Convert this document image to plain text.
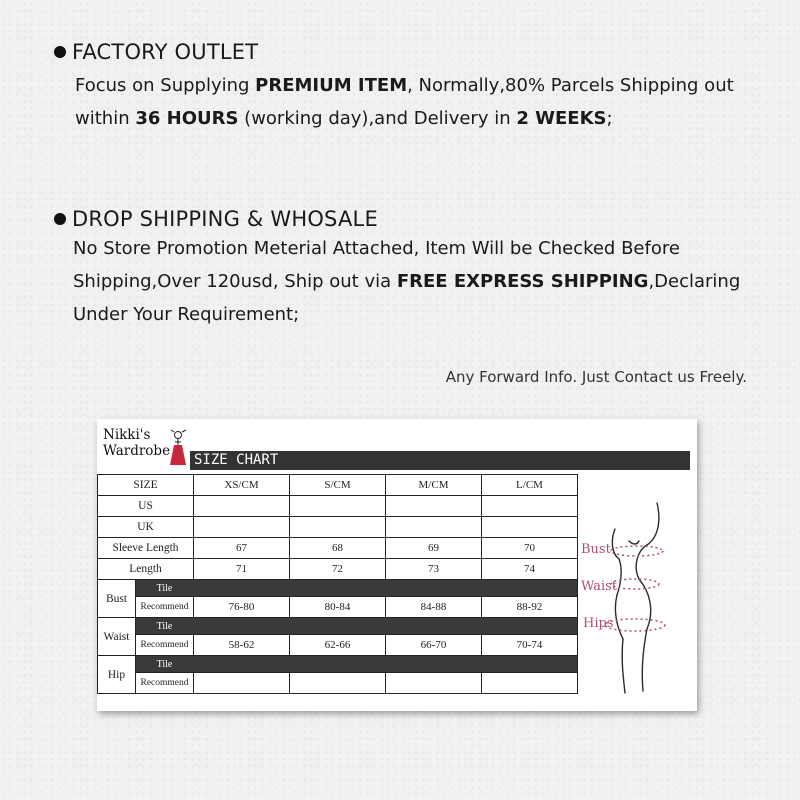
FACTORY OUTLET
Focus on Supplying PREMIUM ITEM, Normally,80% Parcels Shipping out within 36 HOURS (working day),and Delivery in 2 WEEKS;
DROP SHIPPING & WHOSALE
No Store Promotion Meterial Attached, Item Will be Checked Before Shipping,Over 120usd, Ship out via FREE EXPRESS SHIPPING,Declaring Under Your Requirement;
Any Forward Info. Just Contact us Freely.
Nikki's
Wardrobe
SIZE CHART
SIZE		XS/CM	S/CM	M/CM	L/CM
US					
UK					
Sleeve Length		67	68	69	70
Length		71	72	73	74
Bust	Tile				
	Recommend	76-80	80-84	84-88	88-92
Waist	Tile				
	Recommend	58-62	62-66	66-70	70-74
Hip	Tile				
	Recommend				
Bust
Waist
Hips
